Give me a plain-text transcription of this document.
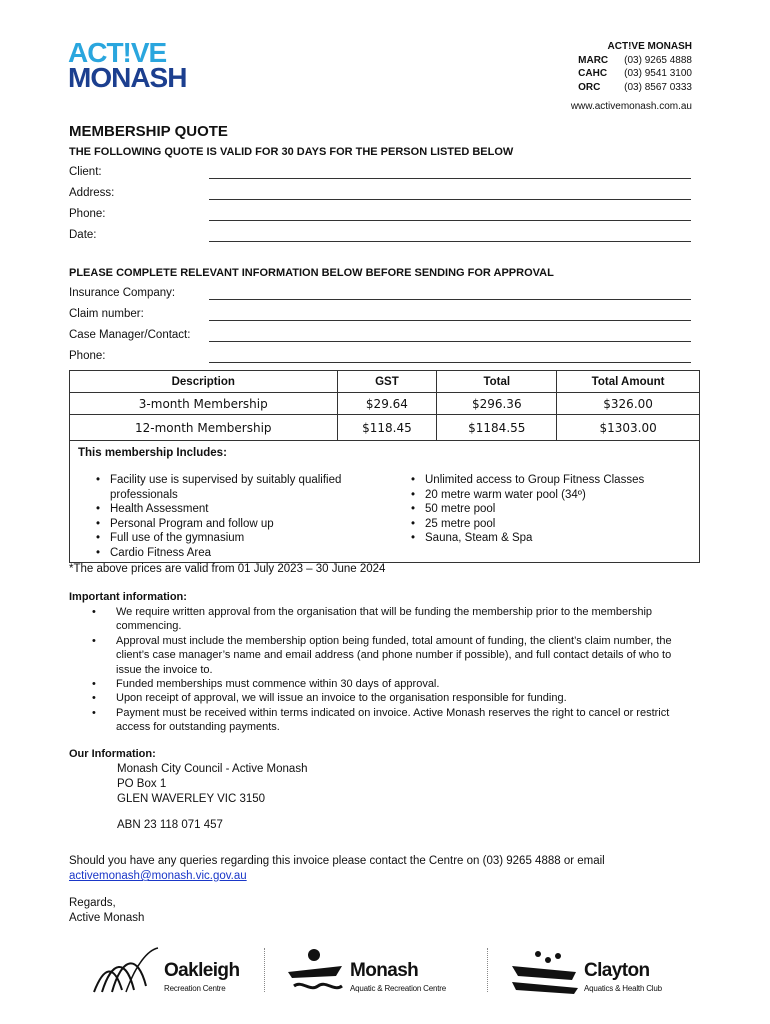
ACT!VE
MONASH
ACT!VE MONASH
MARC	(03) 9265 4888
CAHC	(03) 9541 3100
ORC	(03) 8567 0333
www.activemonash.com.au
MEMBERSHIP QUOTE
THE FOLLOWING QUOTE IS VALID FOR 30 DAYS FOR THE PERSON LISTED BELOW
Client:
Address:
Phone:
Date:
PLEASE COMPLETE RELEVANT INFORMATION BELOW BEFORE SENDING FOR APPROVAL
Insurance Company:
Claim number:
Case Manager/Contact:
Phone:
Description	GST	Total	Total Amount
3-month Membership	$29.64	$296.36	$326.00
12-month Membership	$118.45	$1184.55	$1303.00
This membership Includes:
• Facility use is supervised by suitably qualified professionals
• Health Assessment
• Personal Program and follow up
• Full use of the gymnasium
• Cardio Fitness Area
• Unlimited access to Group Fitness Classes
• 20 metre warm water pool (34º)
• 50 metre pool
• 25 metre pool
• Sauna, Steam & Spa
*The above prices are valid from 01 July 2023 – 30 June 2024
Important information:
• We require written approval from the organisation that will be funding the membership prior to the membership commencing.
• Approval must include the membership option being funded, total amount of funding, the client’s claim number, the client’s case manager’s name and email address (and phone number if possible), and full contact details of who to issue the invoice to.
• Funded memberships must commence within 30 days of approval.
• Upon receipt of approval, we will issue an invoice to the organisation responsible for funding.
• Payment must be received within terms indicated on invoice. Active Monash reserves the right to cancel or restrict access for outstanding payments.
Our Information:
Monash City Council - Active Monash
PO Box 1
GLEN WAVERLEY VIC 3150
ABN 23 118 071 457
Should you have any queries regarding this invoice please contact the Centre on (03) 9265 4888 or email
activemonash@monash.vic.gov.au
Regards,
Active Monash
Oakleigh
Recreation Centre
Monash
Aquatic & Recreation Centre
Clayton
Aquatics & Health Club
